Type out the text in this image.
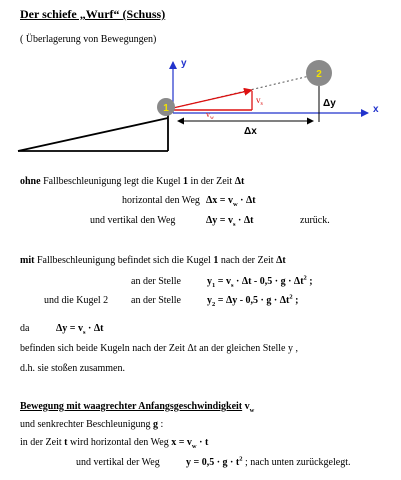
Der schiefe „Wurf“ (Schuss)
( Überlagerung von Bewegungen)
2
1
y
x
$v_s$
$v_w$
Δy
Δx
ohne Fallbeschleunigung legt die Kugel 1 in der Zeit Δt
horizontal den Weg $\Delta x = v_w \cdot \Delta t$
und vertikal den Weg	$\Delta y = v_s \cdot \Delta t$	zurück.
mit Fallbeschleunigung befindet sich die Kugel 1 nach der Zeit Δt
an der Stelle	$y_1 = v_s \cdot \Delta t - 0,5 \cdot g \cdot \Delta t^2$ ;
und die Kugel 2 an der Stelle	$y_2 = \Delta y - 0,5 \cdot g \cdot \Delta t^2$ ;
da	$\Delta y = v_s \cdot \Delta t$
befinden sich beide Kugeln nach der Zeit Δt an der gleichen Stelle y ,
d.h. sie stoßen zusammen.
Bewegung mit waagrechter Anfangsgeschwindigkeit $v_w$
und senkrechter Beschleunigung g :
in der Zeit t wird horizontal den Weg $x = v_w \cdot t$
und vertikal der Weg	$y = 0,5 \cdot g \cdot t^2$ ; nach unten zurückgelegt.
